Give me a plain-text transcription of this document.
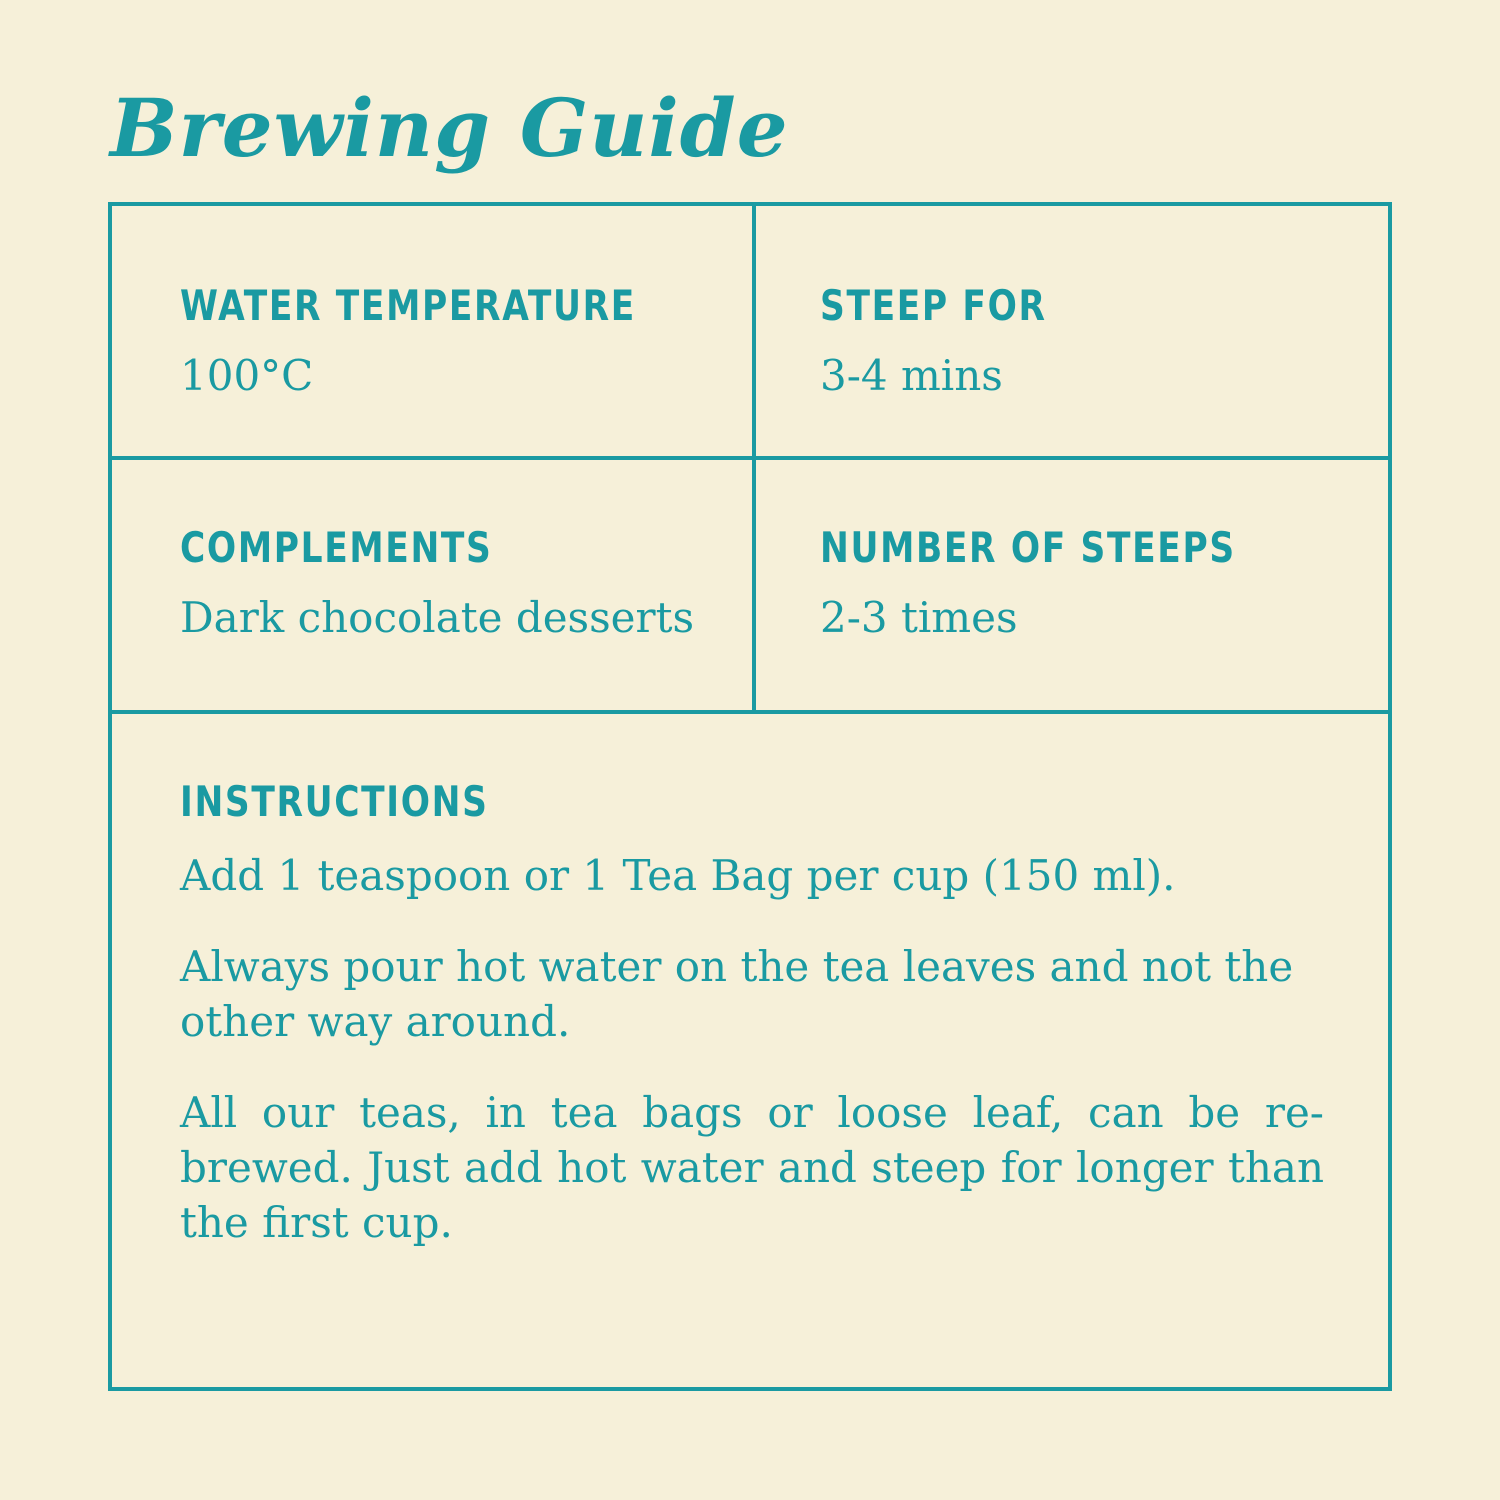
Brewing Guide
WATER TEMPERATURE
100°C
STEEP FOR
3-4 mins
COMPLEMENTS
Dark chocolate desserts
NUMBER OF STEEPS
2-3 times
INSTRUCTIONS

Add 1 teaspoon or 1 Tea Bag per cup (150 ml).

Always pour hot water on the tea leaves and not the other way around.

All our teas, in tea bags or loose leaf, can be re-brewed. Just add hot water and steep for longer than the first cup.
